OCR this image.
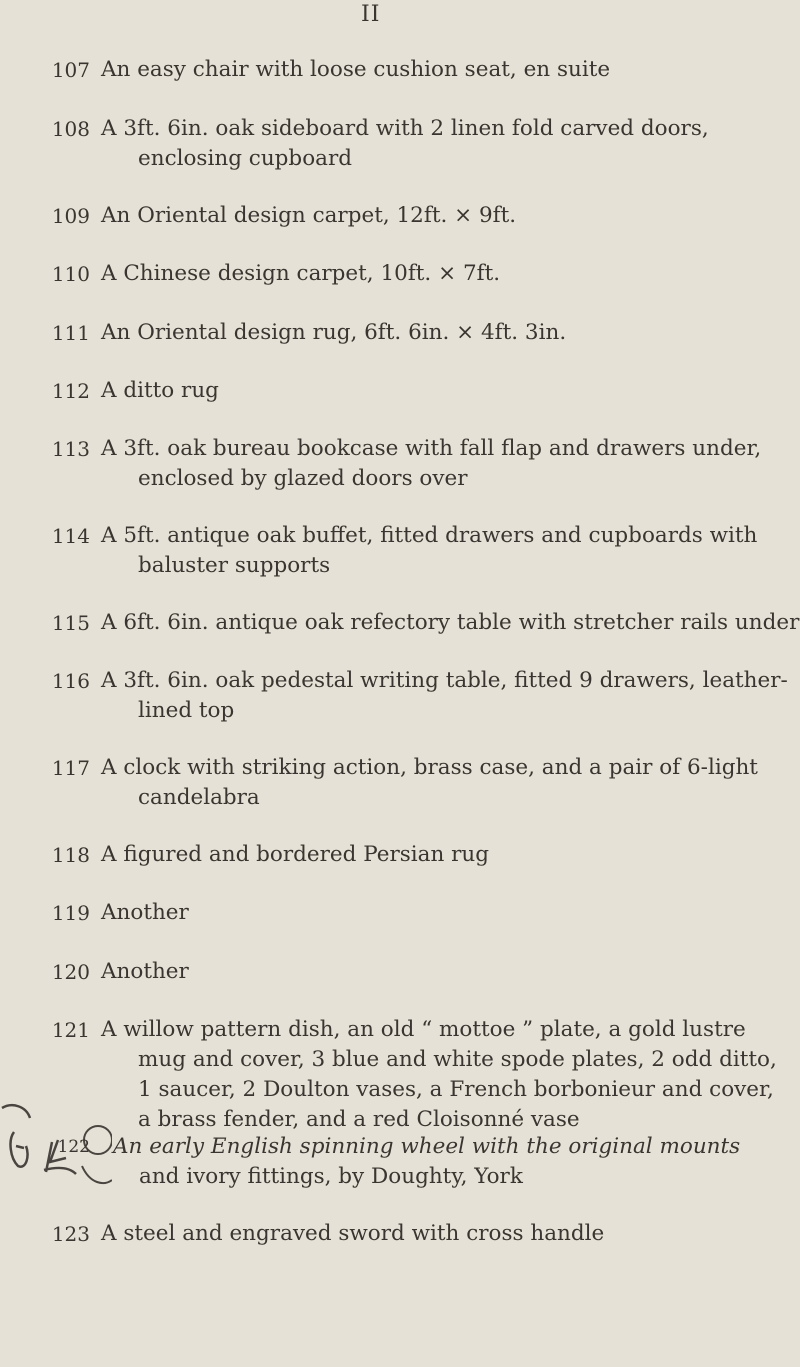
II
107 An easy chair with loose cushion seat, en suite
108 A 3ft. 6in. oak sideboard with 2 linen fold carved doors,
enclosing cupboard
109 An Oriental design carpet, 12ft. × 9ft.
110 A Chinese design carpet, 10ft. × 7ft.
111 An Oriental design rug, 6ft. 6in. × 4ft. 3in.
112 A ditto rug
113 A 3ft. oak bureau bookcase with fall flap and drawers under,
enclosed by glazed doors over
114 A 5ft. antique oak buffet, fitted drawers and cupboards with
baluster supports
115 A 6ft. 6in. antique oak refectory table with stretcher rails under
116 A 3ft. 6in. oak pedestal writing table, fitted 9 drawers, leather-
lined top
117 A clock with striking action, brass case, and a pair of 6-light
candelabra
118 A figured and bordered Persian rug
119 Another
120 Another
121 A willow pattern dish, an old “ mottoe ” plate, a gold lustre
mug and cover, 3 blue and white spode plates, 2 odd ditto,
1 saucer, 2 Doulton vases, a French borbonieur and cover,
a brass fender, and a red Cloisonné vase
122 An early English spinning wheel with the original mounts
and ivory fittings, by Doughty, York
123 A steel and engraved sword with cross handle
